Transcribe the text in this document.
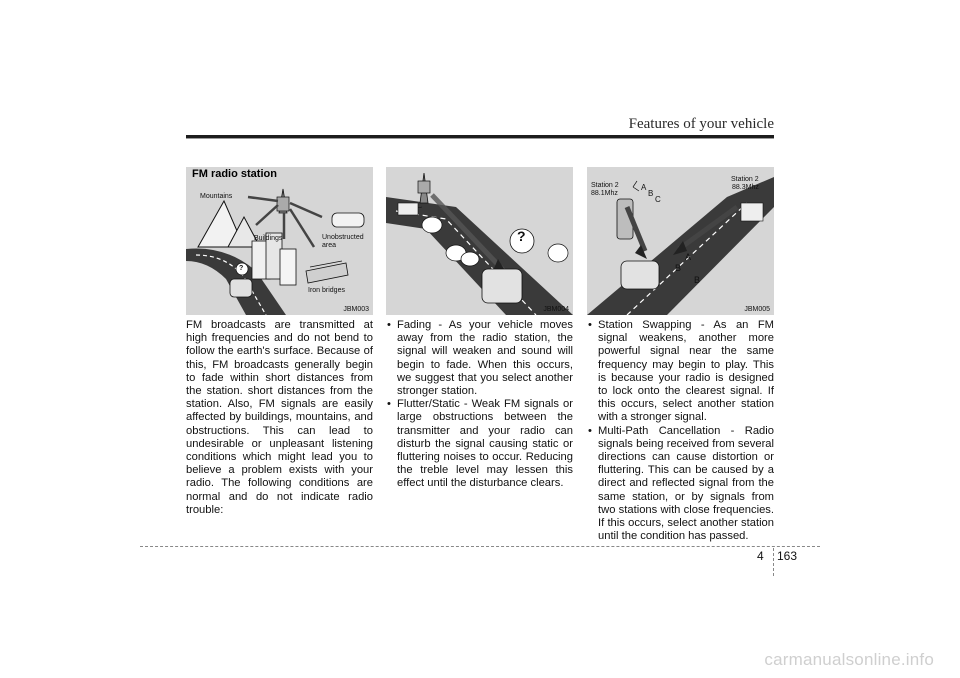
Features of your vehicle
FM radio station
Mountains
Buildings	Unobstructed area
Iron bridges
?
JBM003
?
JBM004
Station 2
88.1Mhz
Station 2
88.3Mhz
A
B
C
A
B
B
JBM005

FM broadcasts are transmitted at high frequencies and do not bend to follow the earth's surface. Because of this, FM broadcasts generally begin to fade within short distances from the station. short distances from the station. Also, FM signals are easily affected by buildings, mountains, and obstructions. This can lead to undesirable or unpleasant listening conditions which might lead you to believe a problem exists with your radio. The following conditions are normal and do not indicate radio trouble:

• Fading - As your vehicle moves away from the radio station, the signal will weaken and sound will begin to fade. When this occurs, we suggest that you select another stronger station.
• Flutter/Static - Weak FM signals or large obstructions between the transmitter and your radio can disturb the signal causing static or fluttering noises to occur. Reducing the treble level may lessen this effect until the disturbance clears.
• Station Swapping - As an FM signal weakens, another more powerful signal near the same frequency may begin to play. This is because your radio is designed to lock onto the clearest signal. If this occurs, select another station with a stronger signal.
• Multi-Path Cancellation - Radio signals being received from several directions can cause distortion or fluttering. This can be caused by a direct and reflected signal from the same station, or by signals from two stations with close frequencies. If this occurs, select another station until the condition has passed.
4 163
carmanualsonline.info
